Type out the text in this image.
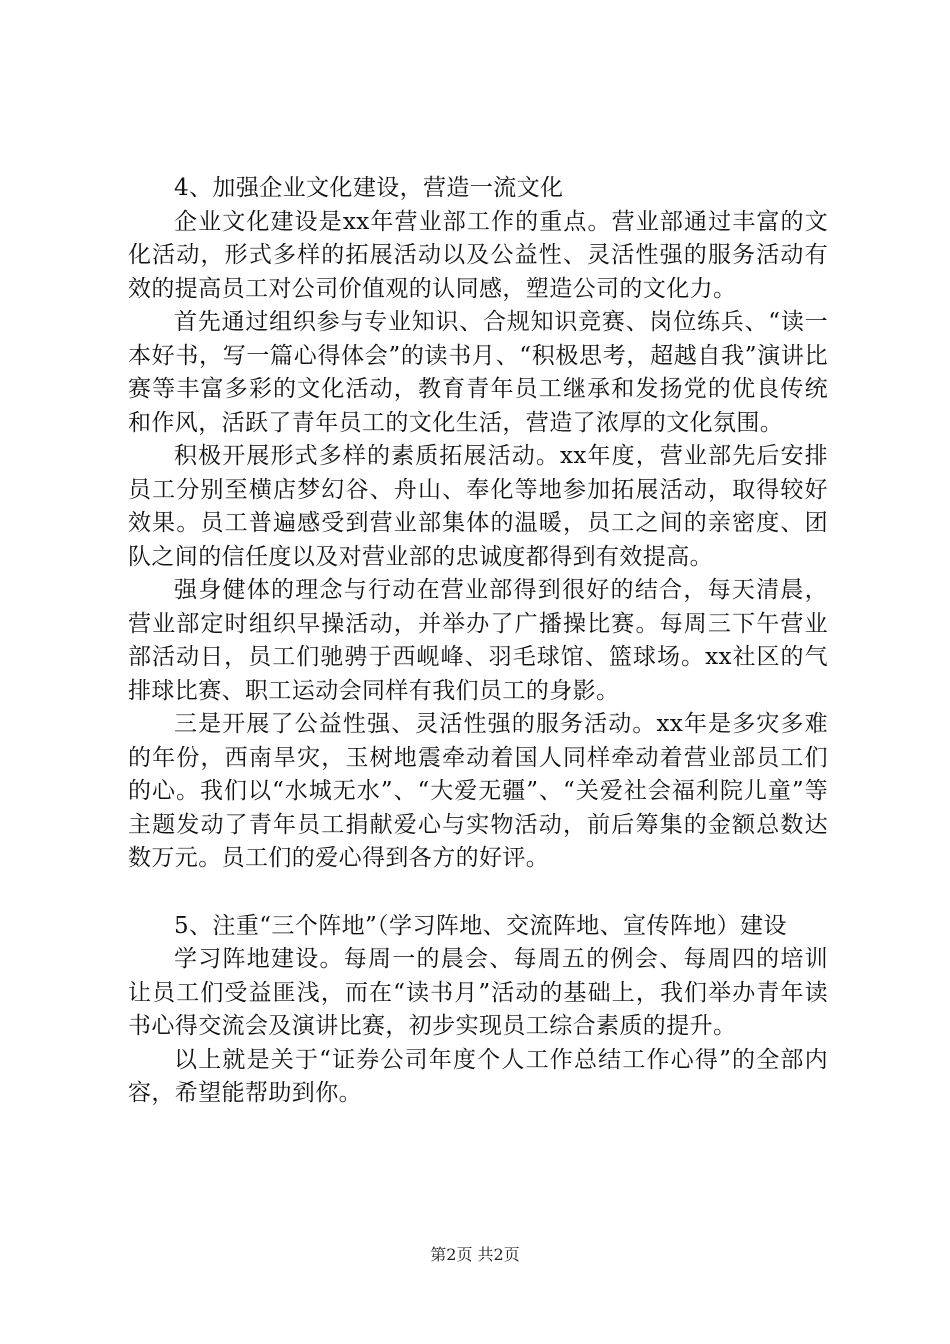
4、加强企业文化建设，营造一流文化

企业文化建设是xx年营业部工作的重点。营业部通过丰富的文化活动，形式多样的拓展活动以及公益性、灵活性强的服务活动有效的提高员工对公司价值观的认同感，塑造公司的文化力。

首先通过组织参与专业知识、合规知识竞赛、岗位练兵、“读一本好书，写一篇心得体会”的读书月、“积极思考，超越自我”演讲比赛等丰富多彩的文化活动，教育青年员工继承和发扬党的优良传统和作风，活跃了青年员工的文化生活，营造了浓厚的文化氛围。

积极开展形式多样的素质拓展活动。xx年度，营业部先后安排员工分别至横店梦幻谷、舟山、奉化等地参加拓展活动，取得较好效果。员工普遍感受到营业部集体的温暖，员工之间的亲密度、团队之间的信任度以及对营业部的忠诚度都得到有效提高。

强身健体的理念与行动在营业部得到很好的结合，每天清晨，营业部定时组织早操活动，并举办了广播操比赛。每周三下午营业部活动日，员工们驰骋于西岘峰、羽毛球馆、篮球场。xx社区的气排球比赛、职工运动会同样有我们员工的身影。

三是开展了公益性强、灵活性强的服务活动。xx年是多灾多难的年份，西南旱灾，玉树地震牵动着国人同样牵动着营业部员工们的心。我们以“水城无水”、“大爱无疆”、“关爱社会福利院儿童”等主题发动了青年员工捐献爱心与实物活动，前后筹集的金额总数达数万元。员工们的爱心得到各方的好评。

5、注重“三个阵地”（学习阵地、交流阵地、宣传阵地）建设

学习阵地建设。每周一的晨会、每周五的例会、每周四的培训让员工们受益匪浅，而在“读书月”活动的基础上，我们举办青年读书心得交流会及演讲比赛，初步实现员工综合素质的提升。

以上就是关于“证券公司年度个人工作总结工作心得”的全部内容，希望能帮助到你。

第2页 共2页
